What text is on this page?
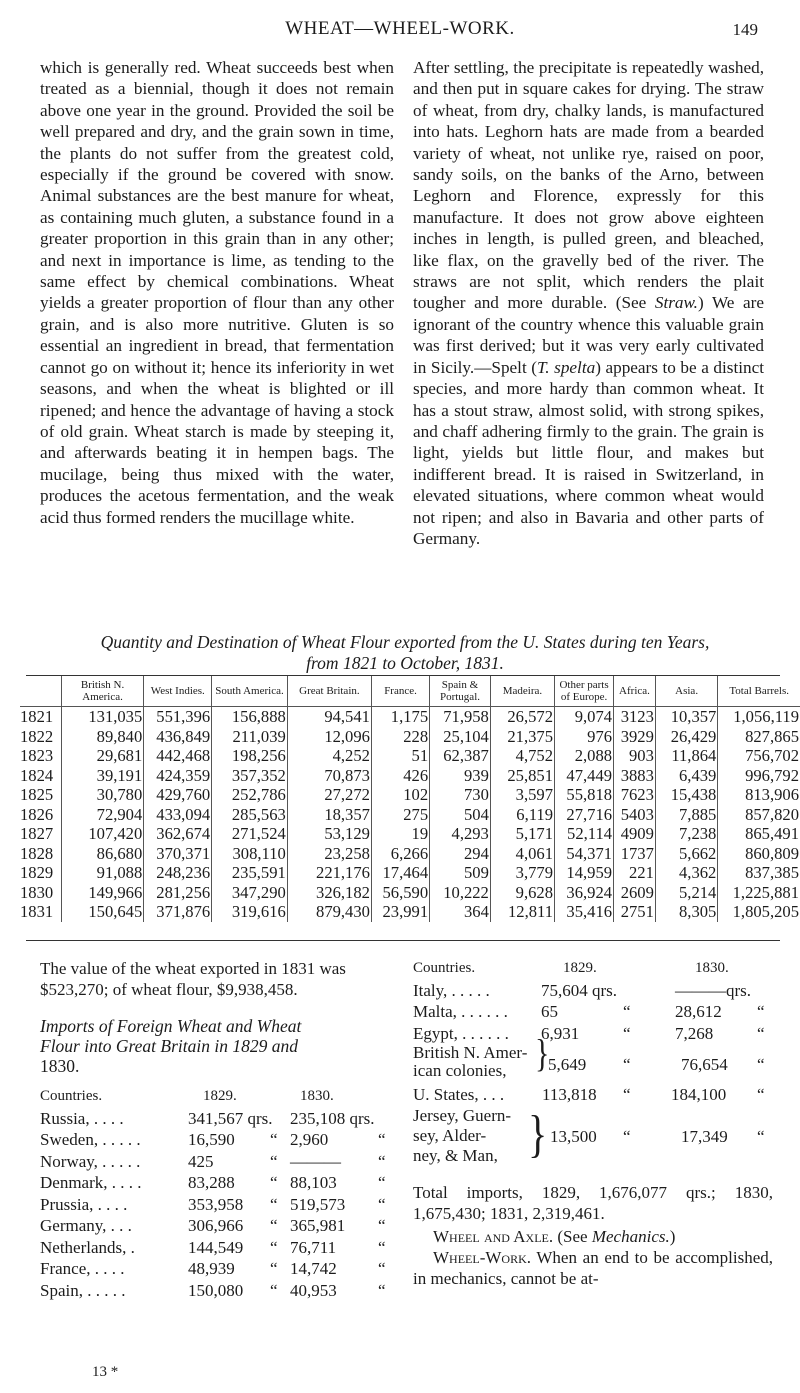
WHEAT—WHEEL-WORK.	149

which is generally red. Wheat succeeds best when treated as a biennial, though it does not remain above one year in the ground. Provided the soil be well prepared and dry, and the grain sown in time, the plants do not suffer from the greatest cold, especially if the ground be covered with snow. Animal substances are the best manure for wheat, as containing much gluten, a substance found in a greater proportion in this grain than in any other; and next in importance is lime, as tending to the same effect by chemical combinations. Wheat yields a greater proportion of flour than any other grain, and is also more nutritive. Gluten is so essential an ingredient in bread, that fermentation cannot go on without it; hence its inferiority in wet seasons, and when the wheat is blighted or ill ripened; and hence the advantage of having a stock of old grain. Wheat starch is made by steeping it, and afterwards beating it in hempen bags. The mucilage, being thus mixed with the water, produces the acetous fermentation, and the weak acid thus formed renders the mucillage white.

After settling, the precipitate is repeatedly washed, and then put in square cakes for drying. The straw of wheat, from dry, chalky lands, is manufactured into hats. Leghorn hats are made from a bearded variety of wheat, not unlike rye, raised on poor, sandy soils, on the banks of the Arno, between Leghorn and Florence, expressly for this manufacture. It does not grow above eighteen inches in length, is pulled green, and bleached, like flax, on the gravelly bed of the river. The straws are not split, which renders the plait tougher and more durable. (See Straw.) We are ignorant of the country whence this valuable grain was first derived; but it was very early cultivated in Sicily.—Spelt (T. spelta) appears to be a distinct species, and more hardy than common wheat. It has a stout straw, almost solid, with strong spikes, and chaff adhering firmly to the grain. The grain is light, yields but little flour, and makes but indifferent bread. It is raised in Switzerland, in elevated situations, where common wheat would not ripen; and also in Bavaria and other parts of Germany.

Quantity and Destination of Wheat Flour exported from the U. States during ten Years,
from 1821 to October, 1831.
	British N. America.	West Indies.	South America.	Great Britain.	France.	Spain & Portugal.	Madeira.	Other parts of Europe.	Africa.	Asia.	Total Barrels.
1821	131,035	551,396	156,888	94,541	1,175	71,958	26,572	9,074	3123	10,357	1,056,119
1822	89,840	436,849	211,039	12,096	228	25,104	21,375	976	3929	26,429	827,865
1823	29,681	442,468	198,256	4,252	51	62,387	4,752	2,088	903	11,864	756,702
1824	39,191	424,359	357,352	70,873	426	939	25,851	47,449	3883	6,439	996,792
1825	30,780	429,760	252,786	27,272	102	730	3,597	55,818	7623	15,438	813,906
1826	72,904	433,094	285,563	18,357	275	504	6,119	27,716	5403	7,885	857,820
1827	107,420	362,674	271,524	53,129	19	4,293	5,171	52,114	4909	7,238	865,491
1828	86,680	370,371	308,110	23,258	6,266	294	4,061	54,371	1737	5,662	860,809
1829	91,088	248,236	235,591	221,176	17,464	509	3,779	14,959	221	4,362	837,385
1830	149,966	281,256	347,290	326,182	56,590	10,222	9,628	36,924	2609	5,214	1,225,881
1831	150,645	371,876	319,616	879,430	23,991	364	12,811	35,416	2751	8,305	1,805,205

The value of the wheat exported in 1831 was $523,270; of wheat flour, $9,938,458.

Imports of Foreign Wheat and Wheat
Flour into Great Britain in 1829 and
1830.
Countries.	1829.	1830.
Russia, . . . .	341,567 qrs. 235,108 qrs.
Sweden, . . . . .	16,590 “ 2,960	“
Norway, . . . . .	425	“ ——— “
Denmark, . . . .	83,288 “ 88,103 “
Prussia, . . . .	353,958 “ 519,573 “
Germany, . . .	306,966 “ 365,981 “
Netherlands, .	144,549 “ 76,711 “
France, . . . .	48,939 “ 14,742 “
Spain, . . . . .	150,080 “ 40,953 “
13 *
Countries.	1829.	1830.
Italy, . . . . .	75,604 qrs.	———qrs.
Malta, . . . . . . 65	“	28,612 “
Egypt, . . . . . . 6,931	“	7,268	“
British N. Amer-
ican colonies, }
5,649 “	76,654 “
U. States, . . . 113,818 “ 184,100 “
Jersey, Guern-
sey, Alder-
ney, & Man, } 13,500 “	17,349 “

Total imports, 1829, 1,676,077 qrs.; 1830, 1,675,430; 1831, 2,319,461.

Wheel and Axle. (See Mechanics.)

Wheel-Work. When an end to be accomplished, in mechanics, cannot be at-
